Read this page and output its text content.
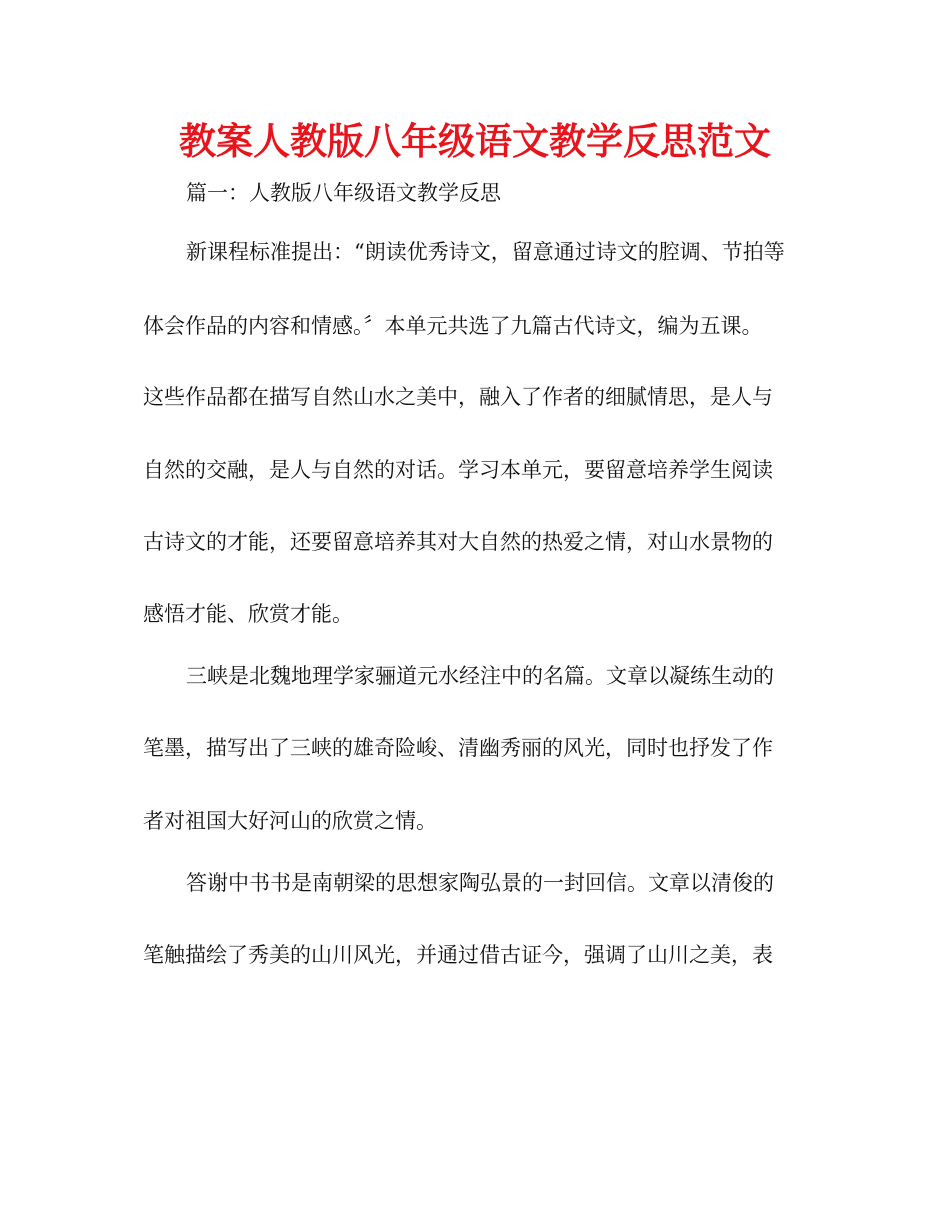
教案人教版八年级语文教学反思范文

篇一：人教版八年级语文教学反思

新课程标准提出：“朗读优秀诗文，留意通过诗文的腔调、节拍等

体会作品的内容和情感。〞本单元共选了九篇古代诗文，编为五课。

这些作品都在描写自然山水之美中，融入了作者的细腻情思，是人与

自然的交融，是人与自然的对话。学习本单元，要留意培养学生阅读

古诗文的才能，还要留意培养其对大自然的热爱之情，对山水景物的

感悟才能、欣赏才能。

三峡是北魏地理学家骊道元水经注中的名篇。文章以凝练生动的

笔墨，描写出了三峡的雄奇险峻、清幽秀丽的风光，同时也抒发了作

者对祖国大好河山的欣赏之情。

答谢中书书是南朝梁的思想家陶弘景的一封回信。文章以清俊的

笔触描绘了秀美的山川风光，并通过借古证今，强调了山川之美，表
